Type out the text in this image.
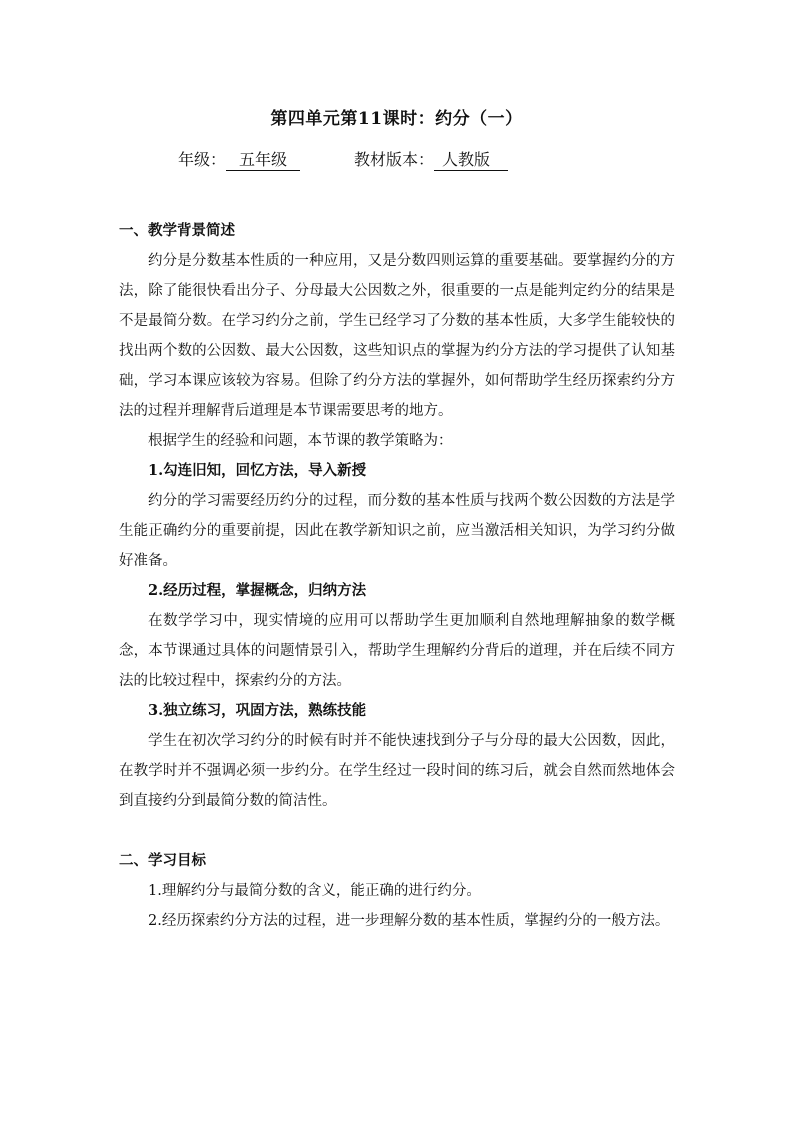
第四单元第11课时：约分（一）
年级： 五年级	教材版本： 人教版
一、教学背景简述
约分是分数基本性质的一种应用，又是分数四则运算的重要基础。要掌握约分的方法，除了能很快看出分子、分母最大公因数之外，很重要的一点是能判定约分的结果是不是最简分数。在学习约分之前，学生已经学习了分数的基本性质，大多学生能较快的找出两个数的公因数、最大公因数，这些知识点的掌握为约分方法的学习提供了认知基础，学习本课应该较为容易。但除了约分方法的掌握外，如何帮助学生经历探索约分方法的过程并理解背后道理是本节课需要思考的地方。
根据学生的经验和问题，本节课的教学策略为：
1.勾连旧知，回忆方法，导入新授
约分的学习需要经历约分的过程，而分数的基本性质与找两个数公因数的方法是学生能正确约分的重要前提，因此在教学新知识之前，应当激活相关知识，为学习约分做好准备。
2.经历过程，掌握概念，归纳方法
在数学学习中，现实情境的应用可以帮助学生更加顺利自然地理解抽象的数学概念，本节课通过具体的问题情景引入，帮助学生理解约分背后的道理，并在后续不同方法的比较过程中，探索约分的方法。
3.独立练习，巩固方法，熟练技能
学生在初次学习约分的时候有时并不能快速找到分子与分母的最大公因数，因此，在教学时并不强调必须一步约分。在学生经过一段时间的练习后，就会自然而然地体会到直接约分到最简分数的简洁性。
二、学习目标
1.理解约分与最简分数的含义，能正确的进行约分。
2.经历探索约分方法的过程，进一步理解分数的基本性质，掌握约分的一般方法。
